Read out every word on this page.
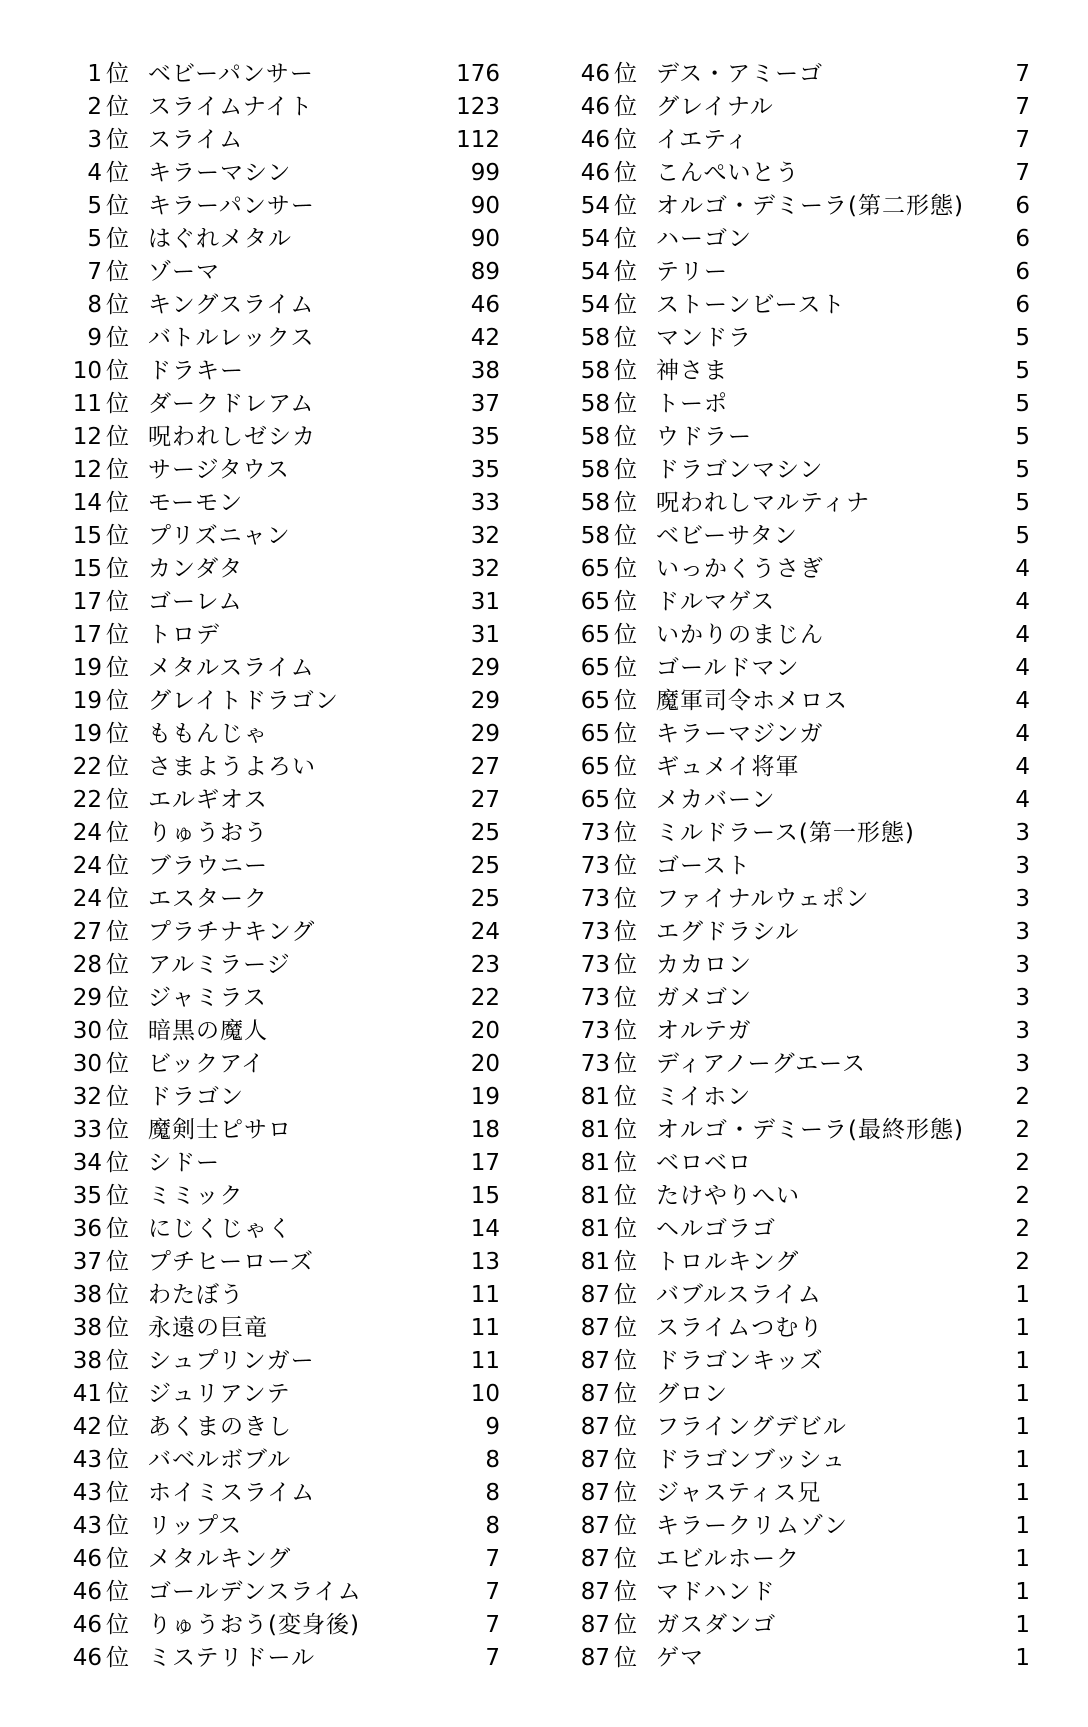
1 位 ベビーパンサー	176
2 位 スライムナイト	123
3 位 スライム	112
4 位 キラーマシン	99
5 位 キラーパンサー	90
5 位 はぐれメタル	90
7 位 ゾーマ	89
8 位 キングスライム	46
9 位 バトルレックス	42
10 位 ドラキー	38
11 位 ダークドレアム	37
12 位 呪われしゼシカ	35
12 位 サージタウス	35
14 位 モーモン	33
15 位 プリズニャン	32
15 位 カンダタ	32
17 位 ゴーレム	31
17 位 トロデ	31
19 位 メタルスライム	29
19 位 グレイトドラゴン	29
19 位 ももんじゃ	29
22 位 さまようよろい	27
22 位 エルギオス	27
24 位 りゅうおう	25
24 位 ブラウニー	25
24 位 エスターク	25
27 位 プラチナキング	24
28 位 アルミラージ	23
29 位 ジャミラス	22
30 位 暗黒の魔人	20
30 位 ビックアイ	20
32 位 ドラゴン	19
33 位 魔剣士ピサロ	18
34 位 シドー	17
35 位 ミミック	15
36 位 にじくじゃく	14
37 位 プチヒーローズ	13
38 位 わたぼう	11
38 位 永遠の巨竜	11
38 位 シュプリンガー	11
41 位 ジュリアンテ	10
42 位 あくまのきし	9
43 位 バベルボブル	8
43 位 ホイミスライム	8
43 位 リップス	8
46 位 メタルキング	7
46 位 ゴールデンスライム	7
46 位 りゅうおう(変身後)	7
46 位 ミステリドール	7
46 位 デス・アミーゴ	7
46 位 グレイナル	7
46 位 イエティ	7
46 位 こんぺいとう	7
54 位 オルゴ・デミーラ(第二形態)	6
54 位 ハーゴン	6
54 位 テリー	6
54 位 ストーンビースト	6
58 位 マンドラ	5
58 位 神さま	5
58 位 トーポ	5
58 位 ウドラー	5
58 位 ドラゴンマシン	5
58 位 呪われしマルティナ	5
58 位 ベビーサタン	5
65 位 いっかくうさぎ	4
65 位 ドルマゲス	4
65 位 いかりのまじん	4
65 位 ゴールドマン	4
65 位 魔軍司令ホメロス	4
65 位 キラーマジンガ	4
65 位 ギュメイ将軍	4
65 位 メカバーン	4
73 位 ミルドラース(第一形態)	3
73 位 ゴースト	3
73 位 ファイナルウェポン	3
73 位 エグドラシル	3
73 位 カカロン	3
73 位 ガメゴン	3
73 位 オルテガ	3
73 位 ディアノーグエース	3
81 位 ミイホン	2
81 位 オルゴ・デミーラ(最終形態)	2
81 位 ベロベロ	2
81 位 たけやりへい	2
81 位 ヘルゴラゴ	2
81 位 トロルキング	2
87 位 バブルスライム	1
87 位 スライムつむり	1
87 位 ドラゴンキッズ	1
87 位 グロン	1
87 位 フライングデビル	1
87 位 ドラゴンブッシュ	1
87 位 ジャスティス兄	1
87 位 キラークリムゾン	1
87 位 エビルホーク	1
87 位 マドハンド	1
87 位 ガスダンゴ	1
87 位 ゲマ	1
